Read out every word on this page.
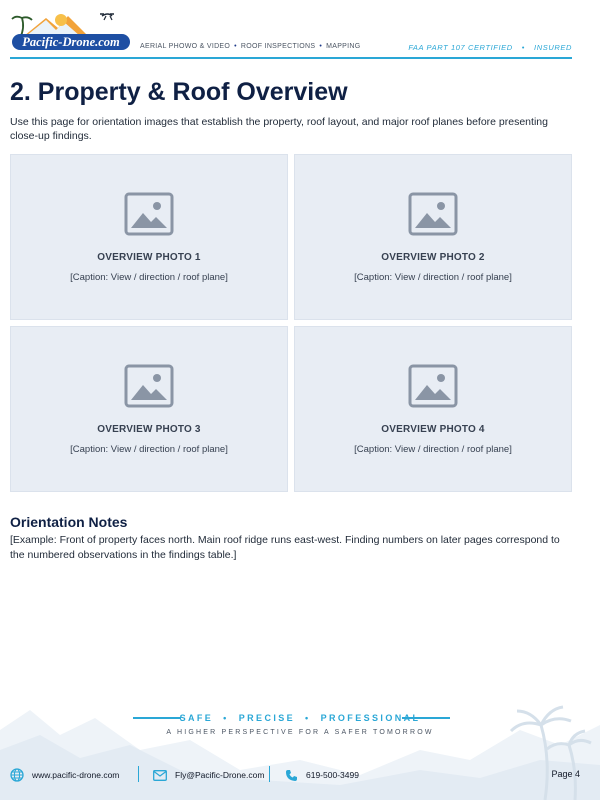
Pacific-Drone.com	AERIAL PHOWO & VIDEO • ROOF INSPECTIONS • MAPPING	FAA PART 107 CERTIFIED • INSURED
2. Property & Roof Overview

Use this page for orientation images that establish the property, roof layout, and major roof planes before presenting close-up findings.

OVERVIEW PHOTO 1
[Caption: View / direction / roof plane]
OVERVIEW PHOTO 2
[Caption: View / direction / roof plane]
OVERVIEW PHOTO 3
[Caption: View / direction / roof plane]
OVERVIEW PHOTO 4
[Caption: View / direction / roof plane]
Orientation Notes

[Example: Front of property faces north. Main roof ridge runs east-west. Finding numbers on later pages correspond to the numbered observations in the findings table.]

SAFE • PRECISE • PROFESSIONAL
A HIGHER PERSPECTIVE FOR A SAFER TOMORROW
www.pacific-drone.com	Fly@Pacific-Drone.com	619-500-3499	Page 4
